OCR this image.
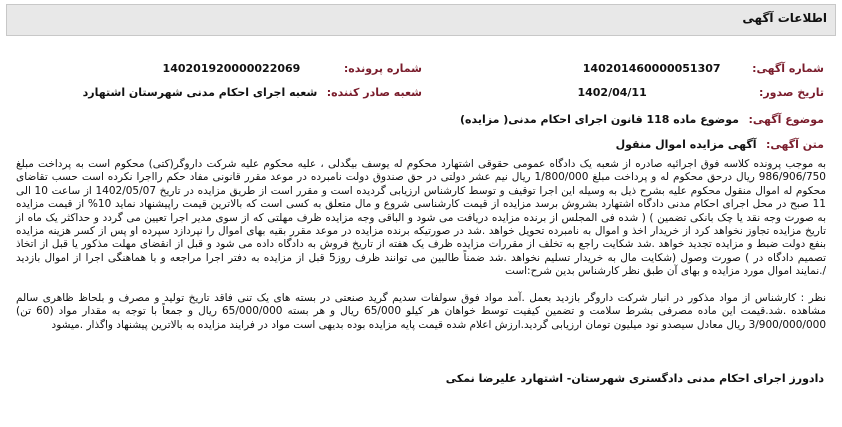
اطلاعات آگهی
شماره آگهی: 140201460000051307
شماره پرونده: 140201920000022069
تاریخ صدور: 1402/04/11
شعبه صادر کننده: شعبه اجرای احکام مدنی شهرستان اشتهارد
موضوع آگهی: موضوع ماده 118 قانون اجرای احکام مدنی( مزایده)
متن آگهی: آگهی مزایده اموال منقول

به موجب پرونده کلاسه فوق اجرائیه صادره از شعبه یک دادگاه عمومی حقوقی اشتهارد محکوم له یوسف بیگدلی ، علیه محکوم علیه شرکت داروگر(کتی) محکوم است به پرداخت مبلغ 986/906/750 ریال درحق محکوم له و پرداخت مبلغ 1/800/000 ریال نیم عشر دولتی در حق صندوق دولت نامبرده در موعد مقرر قانونی مفاد حکم رااجرا نکرده است حسب تقاضای محکوم له اموال منقول محکوم علیه بشرح ذیل به وسیله این اجرا توقیف و توسط کارشناس ارزیابی گردیده است و مقرر است از طریق مزایده در تاریخ 1402/05/07 از ساعت 10 الی 11 صبح در محل اجرای احکام مدنی دادگاه اشتهارد بشروش برسد مزایده از قیمت کارشناسی شروع و مال متعلق به کسی است که بالاترین قیمت راپیشنهاد نماید 10% از قیمت مزایده به صورت وجه نقد یا چک بانکی تضمین ) ( شده فی المجلس از برنده مزایده دریافت می شود و الباقی وجه مزایده ظرف مهلتی که از سوی مدیر اجرا تعیین می گردد و حداکثر یک ماه از تاریخ مزایده تجاوز نخواهد کرد از خریدار اخذ و اموال به نامبرده تحویل خواهد .شد در صورتیکه برنده مزایده در موعد مقرر بقیه بهای اموال را نپردازد سپرده او پس از کسر هزینه مزایده بنفع دولت ضبط و مزایده تجدید خواهد .شد شکایت راجع به تخلف از مقررات مزایده ظرف یک هفته از تاریخ فروش به دادگاه داده می شود و قبل از انقضای مهلت مذکور یا قبل از اتخاذ تصمیم دادگاه در ) صورت وصول (شکایت مال به خریدار تسلیم نخواهد .شد ضمناً طالبین می توانند ظرف روز5 قبل از مزایده به دفتر اجرا مراجعه و با هماهنگی اجرا از اموال بازدید /.نمایند اموال مورد مزایده و بهای آن طبق نظر کارشناس بدین شرح:است

نظر : کارشناس از مواد مذکور در انبار شرکت داروگر بازدید بعمل .آمد مواد فوق سولفات سدیم گرید صنعتی در بسته های یک تنی فاقد تاریخ تولید و مصرف و بلحاظ ظاهری سالم مشاهده .شد.قیمت این ماده مصرفی بشرط سلامت و تضمین کیفیت توسط خواهان هر کیلو 65/000 ریال و هر بسته 65/000/000 ریال و جمعاً با توجه به مقدار مواد (60 تن) 3/900/000/000 ریال معادل سیصدو نود میلیون تومان ارزیابی گردید.ارزش اعلام شده قیمت پایه مزایده بوده بدیهی است مواد در فرایند مزایده به بالاترین پیشنهاد واگذار .میشود

دادورز اجرای احکام مدنی دادگستری شهرستان- اشتهارد علیرضا نمکی
